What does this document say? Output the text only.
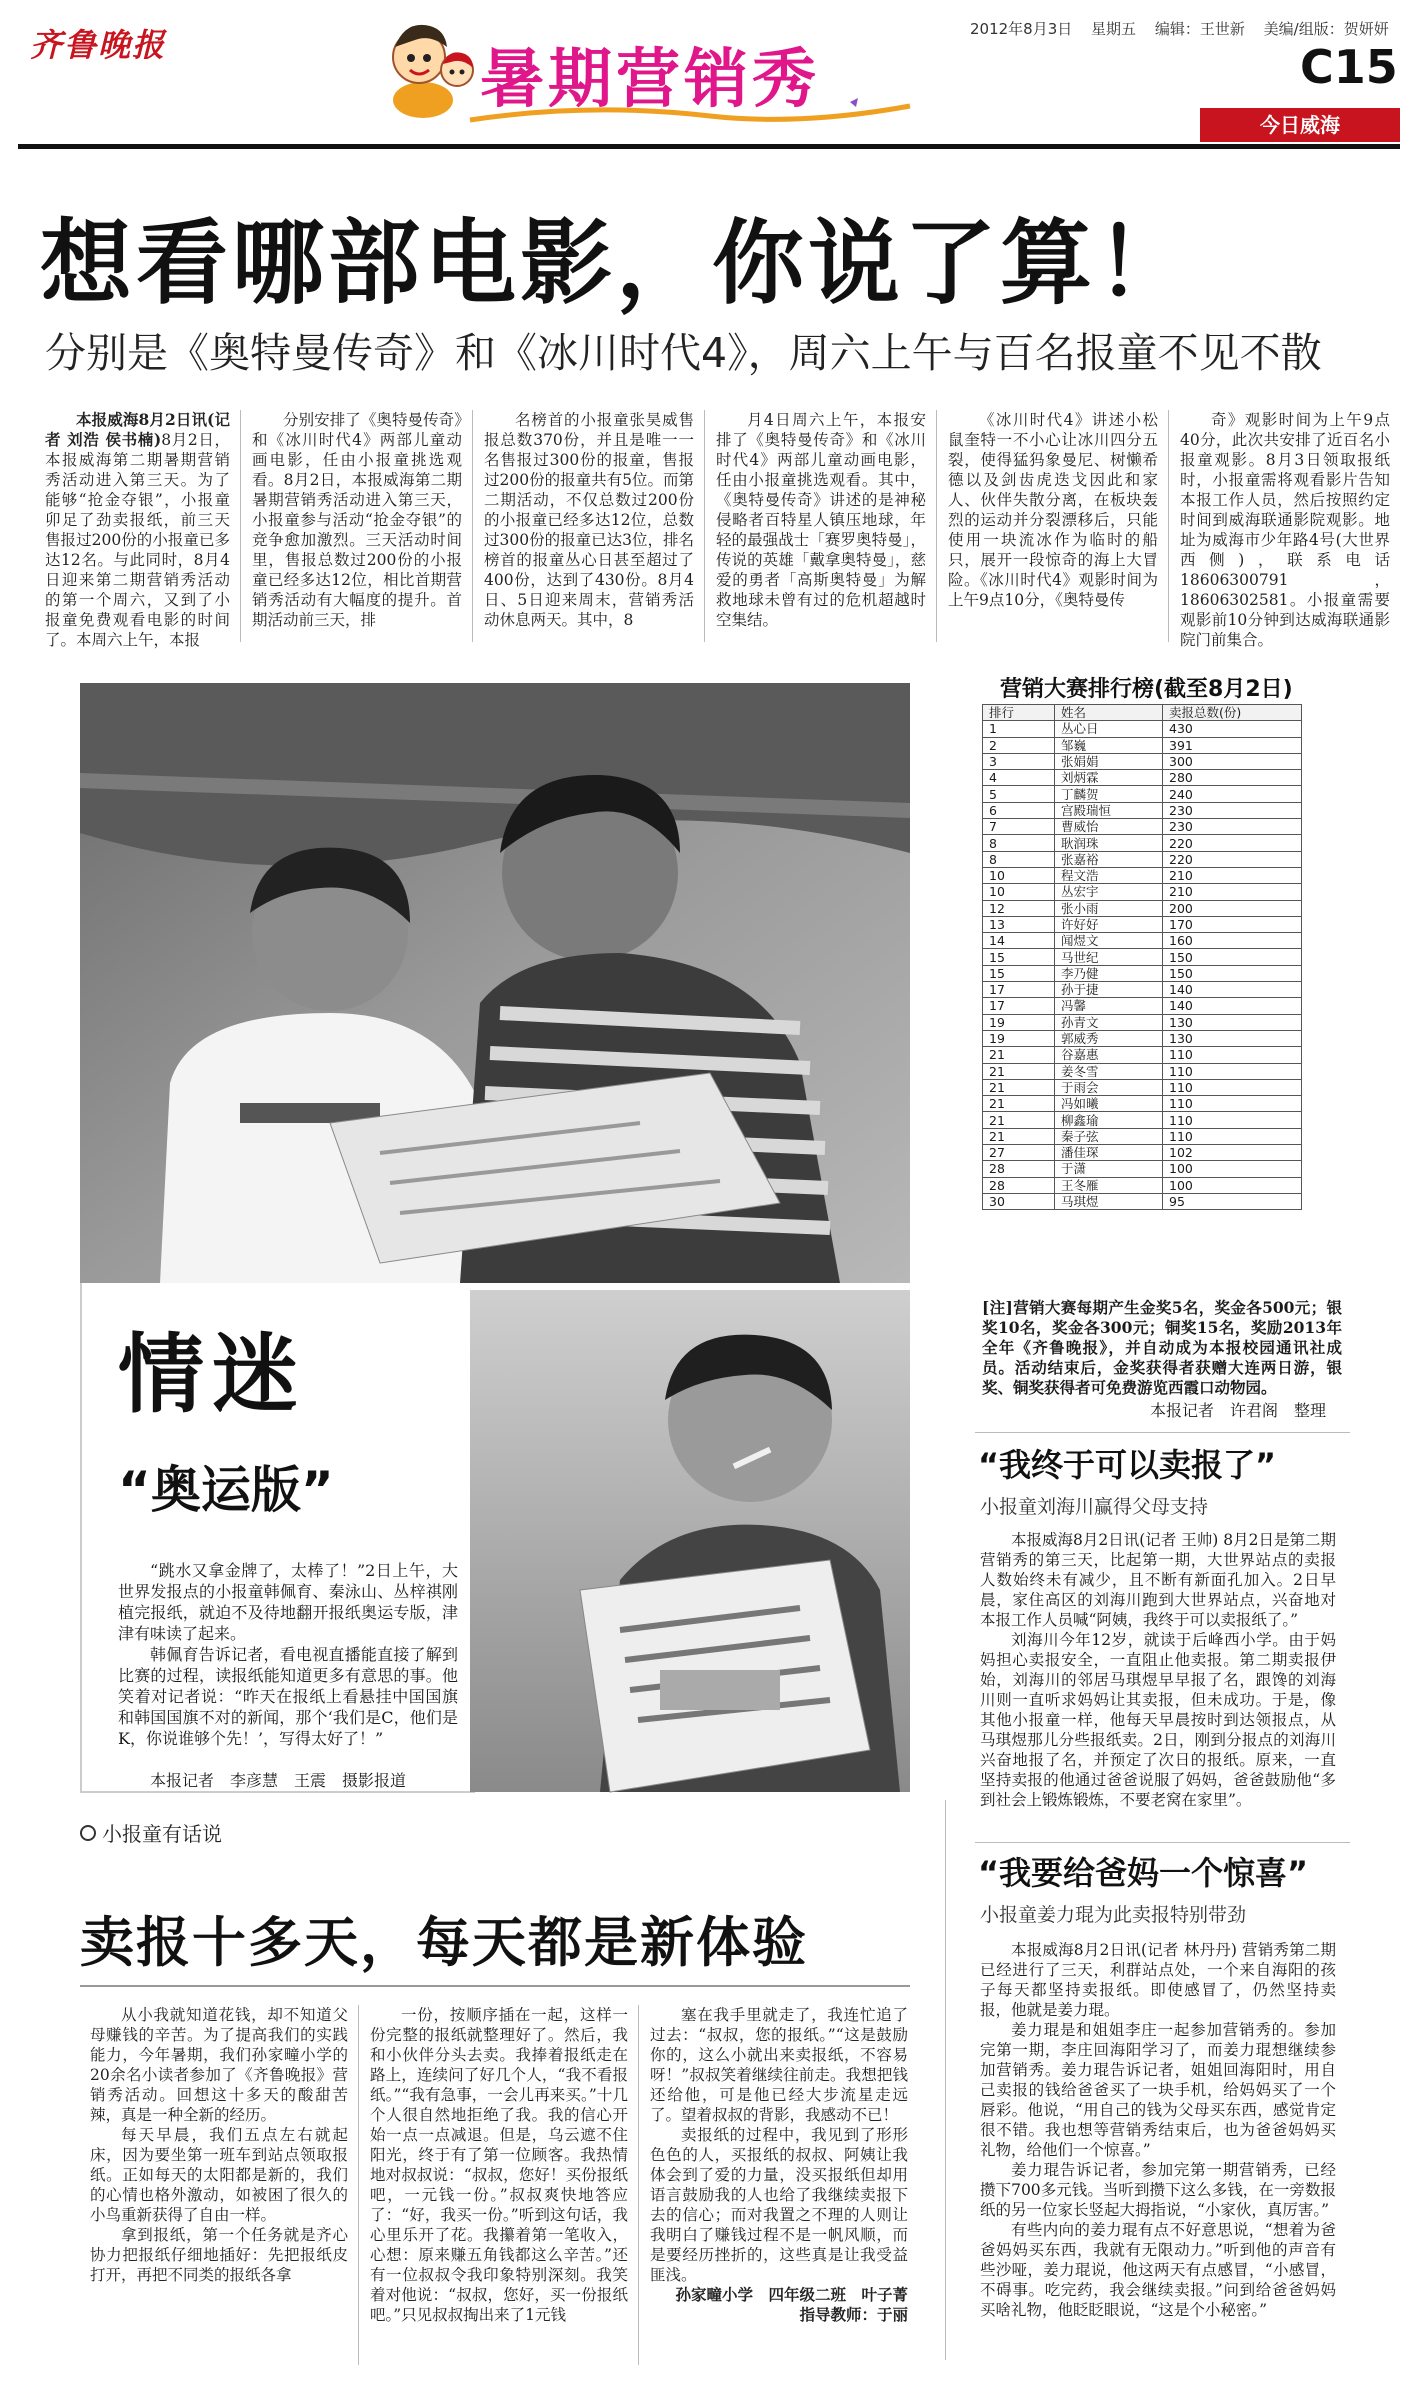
齐鲁晚报	暑期营销秀
2012年8月3日 星期五 编辑：王世新 美编/组版：贺妍妍
C15
今日威海
想看哪部电影，你说了算！
分别是《奥特曼传奇》和《冰川时代4》，周六上午与百名报童不见不散

本报威海8月2日讯(记者 刘浩 侯书楠)8月2日，本报威海第二期暑期营销秀活动进入第三天。为了能够“抢金夺银”，小报童卯足了劲卖报纸，前三天售报过200份的小报童已多达12名。与此同时，8月4日迎来第二期营销秀活动的第一个周六，又到了小报童免费观看电影的时间了。本周六上午，本报

分别安排了《奥特曼传奇》和《冰川时代4》两部儿童动画电影，任由小报童挑选观看。8月2日，本报威海第二期暑期营销秀活动进入第三天，小报童参与活动“抢金夺银”的竞争愈加激烈。三天活动时间里，售报总数过200份的小报童已经多达12位，相比首期营销秀活动有大幅度的提升。首期活动前三天，排

名榜首的小报童张昊威售报总数370份，并且是唯一一名售报过300份的报童，售报过200份的报童共有5位。而第二期活动，不仅总数过200份的小报童已经多达12位，总数过300份的报童已达3位，排名榜首的报童丛心日甚至超过了400份，达到了430份。8月4日、5日迎来周末，营销秀活动休息两天。其中，8

月4日周六上午，本报安排了《奥特曼传奇》和《冰川时代4》两部儿童动画电影，任由小报童挑选观看。其中，《奥特曼传奇》讲述的是神秘侵略者百特星人镇压地球，年轻的最强战士「赛罗奥特曼」，传说的英雄「戴拿奥特曼」，慈爱的勇者「高斯奥特曼」为解救地球未曾有过的危机超越时空集结。

《冰川时代4》讲述小松鼠奎特一不小心让冰川四分五裂，使得猛犸象曼尼、树懒希德以及剑齿虎迭戈因此和家人、伙伴失散分离，在板块轰烈的运动并分裂漂移后，只能使用一块流冰作为临时的船只，展开一段惊奇的海上大冒险。《冰川时代4》观影时间为上午9点10分，《奥特曼传

奇》观影时间为上午9点40分，此次共安排了近百名小报童观影。8月3日领取报纸时，小报童需将观看影片告知本报工作人员，然后按照约定时间到威海联通影院观影。地址为威海市少年路4号(大世界西侧)，联系电话18606300791，18606302581。小报童需要观影前10分钟到达威海联通影院门前集合。

情迷
“奥运版”

“跳水又拿金牌了，太棒了！”2日上午，大世界发报点的小报童韩佩育、秦泳山、丛梓祺刚植完报纸，就迫不及待地翻开报纸奥运专版，津津有味读了起来。

韩佩育告诉记者，看电视直播能直接了解到比赛的过程，读报纸能知道更多有意思的事。他笑着对记者说：“昨天在报纸上看悬挂中国国旗和韩国国旗不对的新闻，那个‘我们是C，他们是K，你说谁够个先！’，写得太好了！”

本报记者　李彦慧　王震　摄影报道
营销大赛排行榜(截至8月2日)
排行	姓名	卖报总数(份)
1	丛心日	430
2	邹巍	391
3	张娟娟	300
4	刘炳霖	280
5	丁麟贺	240
6	宫殿瑞恒	230
7	曹威怡	230
8	耿润珠	220
8	张嘉裕	220
10	程文浩	210
10	丛宏宇	210
12	张小雨	200
13	许好好	170
14	闻煜文	160
15	马世纪	150
15	李乃健	150
17	孙于捷	140
17	冯馨	140
19	孙青文	130
19	郭威秀	130
21	谷嘉惠	110
21	姜冬雪	110
21	于雨会	110
21	冯如曦	110
21	柳鑫瑜	110
21	秦子弦	110
27	潘佳琛	102
28	于潇	100
28	王冬雁	100
30	马琪煜	95
[注]营销大赛每期产生金奖5名，奖金各500元；银奖10名，奖金各300元；铜奖15名，奖励2013年全年《齐鲁晚报》，并自动成为本报校园通讯社成员。活动结束后，金奖获得者获赠大连两日游，银奖、铜奖获得者可免费游览西霞口动物园。
本报记者　许君阁　整理
“我终于可以卖报了”
小报童刘海川赢得父母支持

本报威海8月2日讯(记者 王帅) 8月2日是第二期营销秀的第三天，比起第一期，大世界站点的卖报人数始终未有减少，且不断有新面孔加入。2日早晨，家住高区的刘海川跑到大世界站点，兴奋地对本报工作人员喊“阿姨，我终于可以卖报纸了。”

刘海川今年12岁，就读于后峰西小学。由于妈妈担心卖报安全，一直阻止他卖报。第二期卖报伊始，刘海川的邻居马琪煜早早报了名，跟馋的刘海川则一直听求妈妈让其卖报，但未成功。于是，像其他小报童一样，他每天早晨按时到达领报点，从马琪煜那儿分些报纸卖。2日，刚到分报点的刘海川兴奋地报了名，并预定了次日的报纸。原来，一直坚持卖报的他通过爸爸说服了妈妈，爸爸鼓励他“多到社会上锻炼锻炼，不要老窝在家里”。

“我要给爸妈一个惊喜”
小报童姜力琨为此卖报特别带劲

本报威海8月2日讯(记者 林丹丹) 营销秀第二期已经进行了三天，利群站点处，一个来自海阳的孩子每天都坚持卖报纸。即使感冒了，仍然坚持卖报，他就是姜力琨。

姜力琨是和姐姐李庄一起参加营销秀的。参加完第一期，李庄回海阳学习了，而姜力琨想继续参加营销秀。姜力琨告诉记者，姐姐回海阳时，用自己卖报的钱给爸爸买了一块手机，给妈妈买了一个唇彩。他说，“用自己的钱为父母买东西，感觉肯定很不错。我也想等营销秀结束后，也为爸爸妈妈买礼物，给他们一个惊喜。”

姜力琨告诉记者，参加完第一期营销秀，已经攒下700多元钱。当听到攒下这么多钱，在一旁数报纸的另一位家长竖起大拇指说，“小家伙，真厉害。”

有些内向的姜力琨有点不好意思说，“想着为爸爸妈妈买东西，我就有无限动力。”听到他的声音有些沙哑，姜力琨说，他这两天有点感冒，“小感冒，不碍事。吃完药，我会继续卖报。”问到给爸爸妈妈买啥礼物，他眨眨眼说，“这是个小秘密。”

小报童有话说
卖报十多天，每天都是新体验

从小我就知道花钱，却不知道父母赚钱的辛苦。为了提高我们的实践能力，今年暑期，我们孙家疃小学的20余名小读者参加了《齐鲁晚报》营销秀活动。回想这十多天的酸甜苦辣，真是一种全新的经历。

每天早晨，我们五点左右就起床，因为要坐第一班车到站点领取报纸。正如每天的太阳都是新的，我们的心情也格外激动，如被困了很久的小鸟重新获得了自由一样。

拿到报纸，第一个任务就是齐心协力把报纸仔细地插好：先把报纸皮打开，再把不同类的报纸各拿

一份，按顺序插在一起，这样一份完整的报纸就整理好了。然后，我和小伙伴分头去卖。我捧着报纸走在路上，连续问了好几个人，“我不看报纸。”“我有急事，一会儿再来买。”十几个人很自然地拒绝了我。我的信心开始一点一点减退。但是，乌云遮不住阳光，终于有了第一位顾客。我热情地对叔叔说：“叔叔，您好！买份报纸吧，一元钱一份。”叔叔爽快地答应了：“好，我买一份。”听到这句话，我心里乐开了花。我攥着第一笔收入，心想：原来赚五角钱都这么辛苦。”还有一位叔叔令我印象特别深刻。我笑着对他说：“叔叔，您好，买一份报纸吧。”只见叔叔掏出来了1元钱

塞在我手里就走了，我连忙追了过去：“叔叔，您的报纸。”“这是鼓励你的，这么小就出来卖报纸，不容易呀！”叔叔笑着继续往前走。我想把钱还给他，可是他已经大步流星走远了。望着叔叔的背影，我感动不已！

卖报纸的过程中，我见到了形形色色的人，买报纸的叔叔、阿姨让我体会到了爱的力量，没买报纸但却用语言鼓励我的人也给了我继续卖报下去的信心；而对我置之不理的人则让我明白了赚钱过程不是一帆风顺，而是要经历挫折的，这些真是让我受益匪浅。

孙家疃小学　四年级二班　叶子菁　指导教师：于丽
